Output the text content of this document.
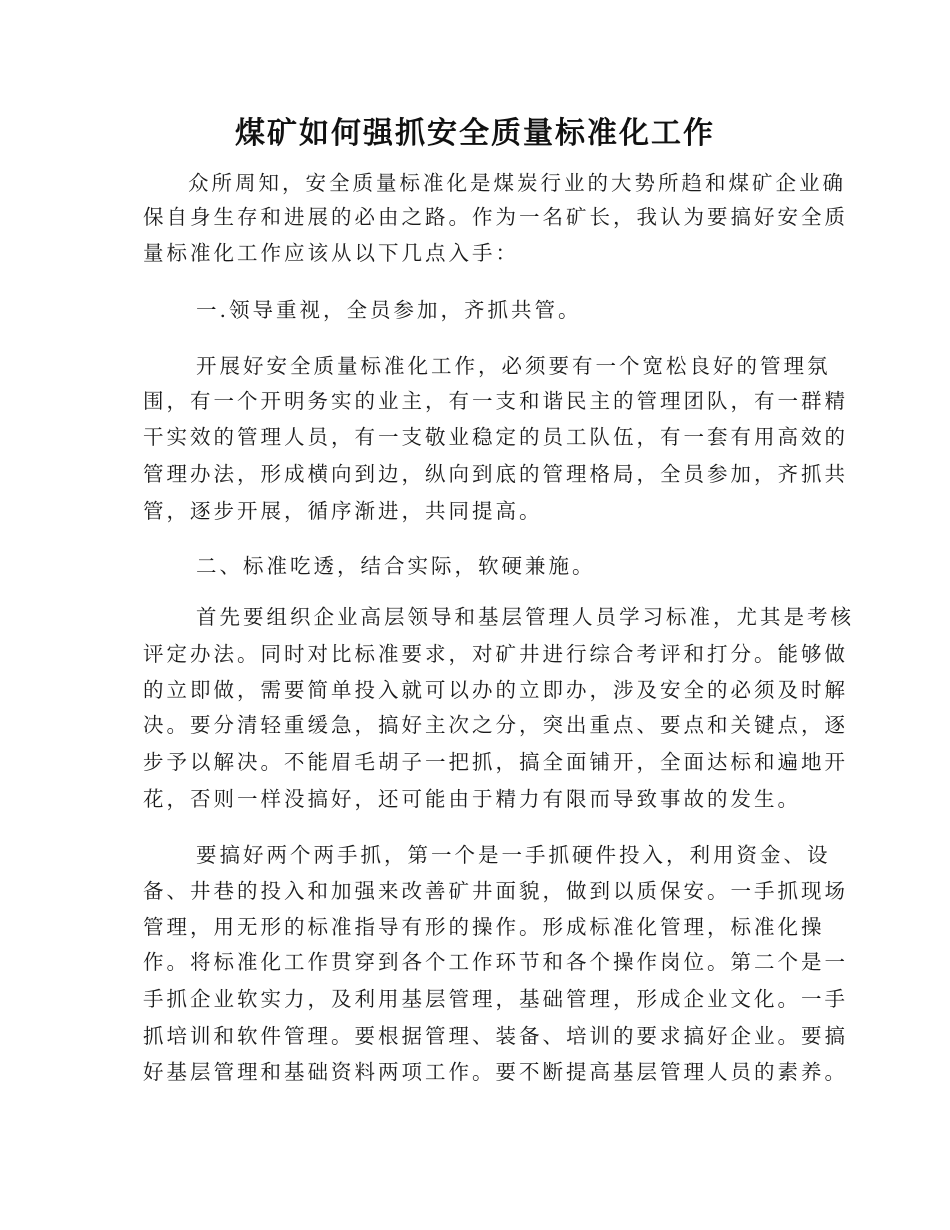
煤矿如何强抓安全质量标准化工作

众所周知，安全质量标准化是煤炭行业的大势所趋和煤矿企业确

保自身生存和进展的必由之路。作为一名矿长，我认为要搞好安全质

量标准化工作应该从以下几点入手：

一.领导重视，全员参加，齐抓共管。

开展好安全质量标准化工作，必须要有一个宽松良好的管理氛

围，有一个开明务实的业主，有一支和谐民主的管理团队，有一群精

干实效的管理人员，有一支敬业稳定的员工队伍，有一套有用高效的

管理办法，形成横向到边，纵向到底的管理格局，全员参加，齐抓共

管，逐步开展，循序渐进，共同提高。

二、标准吃透，结合实际，软硬兼施。

首先要组织企业高层领导和基层管理人员学习标准，尤其是考核

评定办法。同时对比标准要求，对矿井进行综合考评和打分。能够做

的立即做，需要简单投入就可以办的立即办，涉及安全的必须及时解

决。要分清轻重缓急，搞好主次之分，突出重点、要点和关键点，逐

步予以解决。不能眉毛胡子一把抓，搞全面铺开，全面达标和遍地开

花，否则一样没搞好，还可能由于精力有限而导致事故的发生。

要搞好两个两手抓，第一个是一手抓硬件投入，利用资金、设

备、井巷的投入和加强来改善矿井面貌，做到以质保安。一手抓现场

管理，用无形的标准指导有形的操作。形成标准化管理，标准化操

作。将标准化工作贯穿到各个工作环节和各个操作岗位。第二个是一

手抓企业软实力，及利用基层管理，基础管理，形成企业文化。一手

抓培训和软件管理。要根据管理、装备、培训的要求搞好企业。要搞

好基层管理和基础资料两项工作。要不断提高基层管理人员的素养。
